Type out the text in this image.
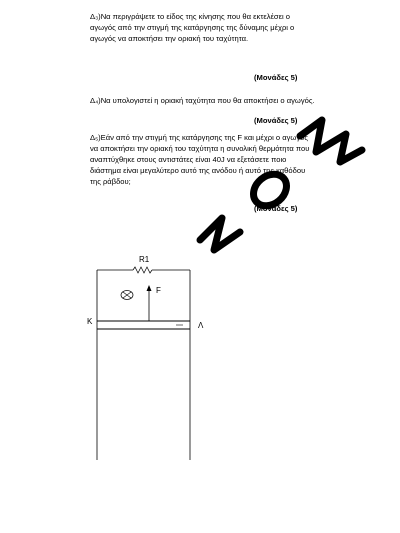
Δ₃)Να περιγράψετε το είδος της κίνησης που θα εκτελέσει ο
αγωγός από την στιγμή της κατάργησης της δύναμης μέχρι ο
αγωγός να αποκτήσει την οριακή του ταχύτητα.
(Μονάδες 5)
Δ₄)Να υπολογιστεί η οριακή ταχύτητα που θα αποκτήσει ο αγωγός.
(Μονάδες 5)
Δ₅)Εάν από την στιγμή της κατάργησης της F και μέχρι ο αγωγός
να αποκτήσει την οριακή του ταχύτητα η συνολική θερμότητα που
αναπτύχθηκε στους αντιστάτες είναι 40J να εξετάσετε ποιο
διάστημα είναι μεγαλύτερο αυτό της ανόδου ή αυτό της καθόδου
της ράβδου;
(Μονάδες 5)
R1
F
Κ	Λ
